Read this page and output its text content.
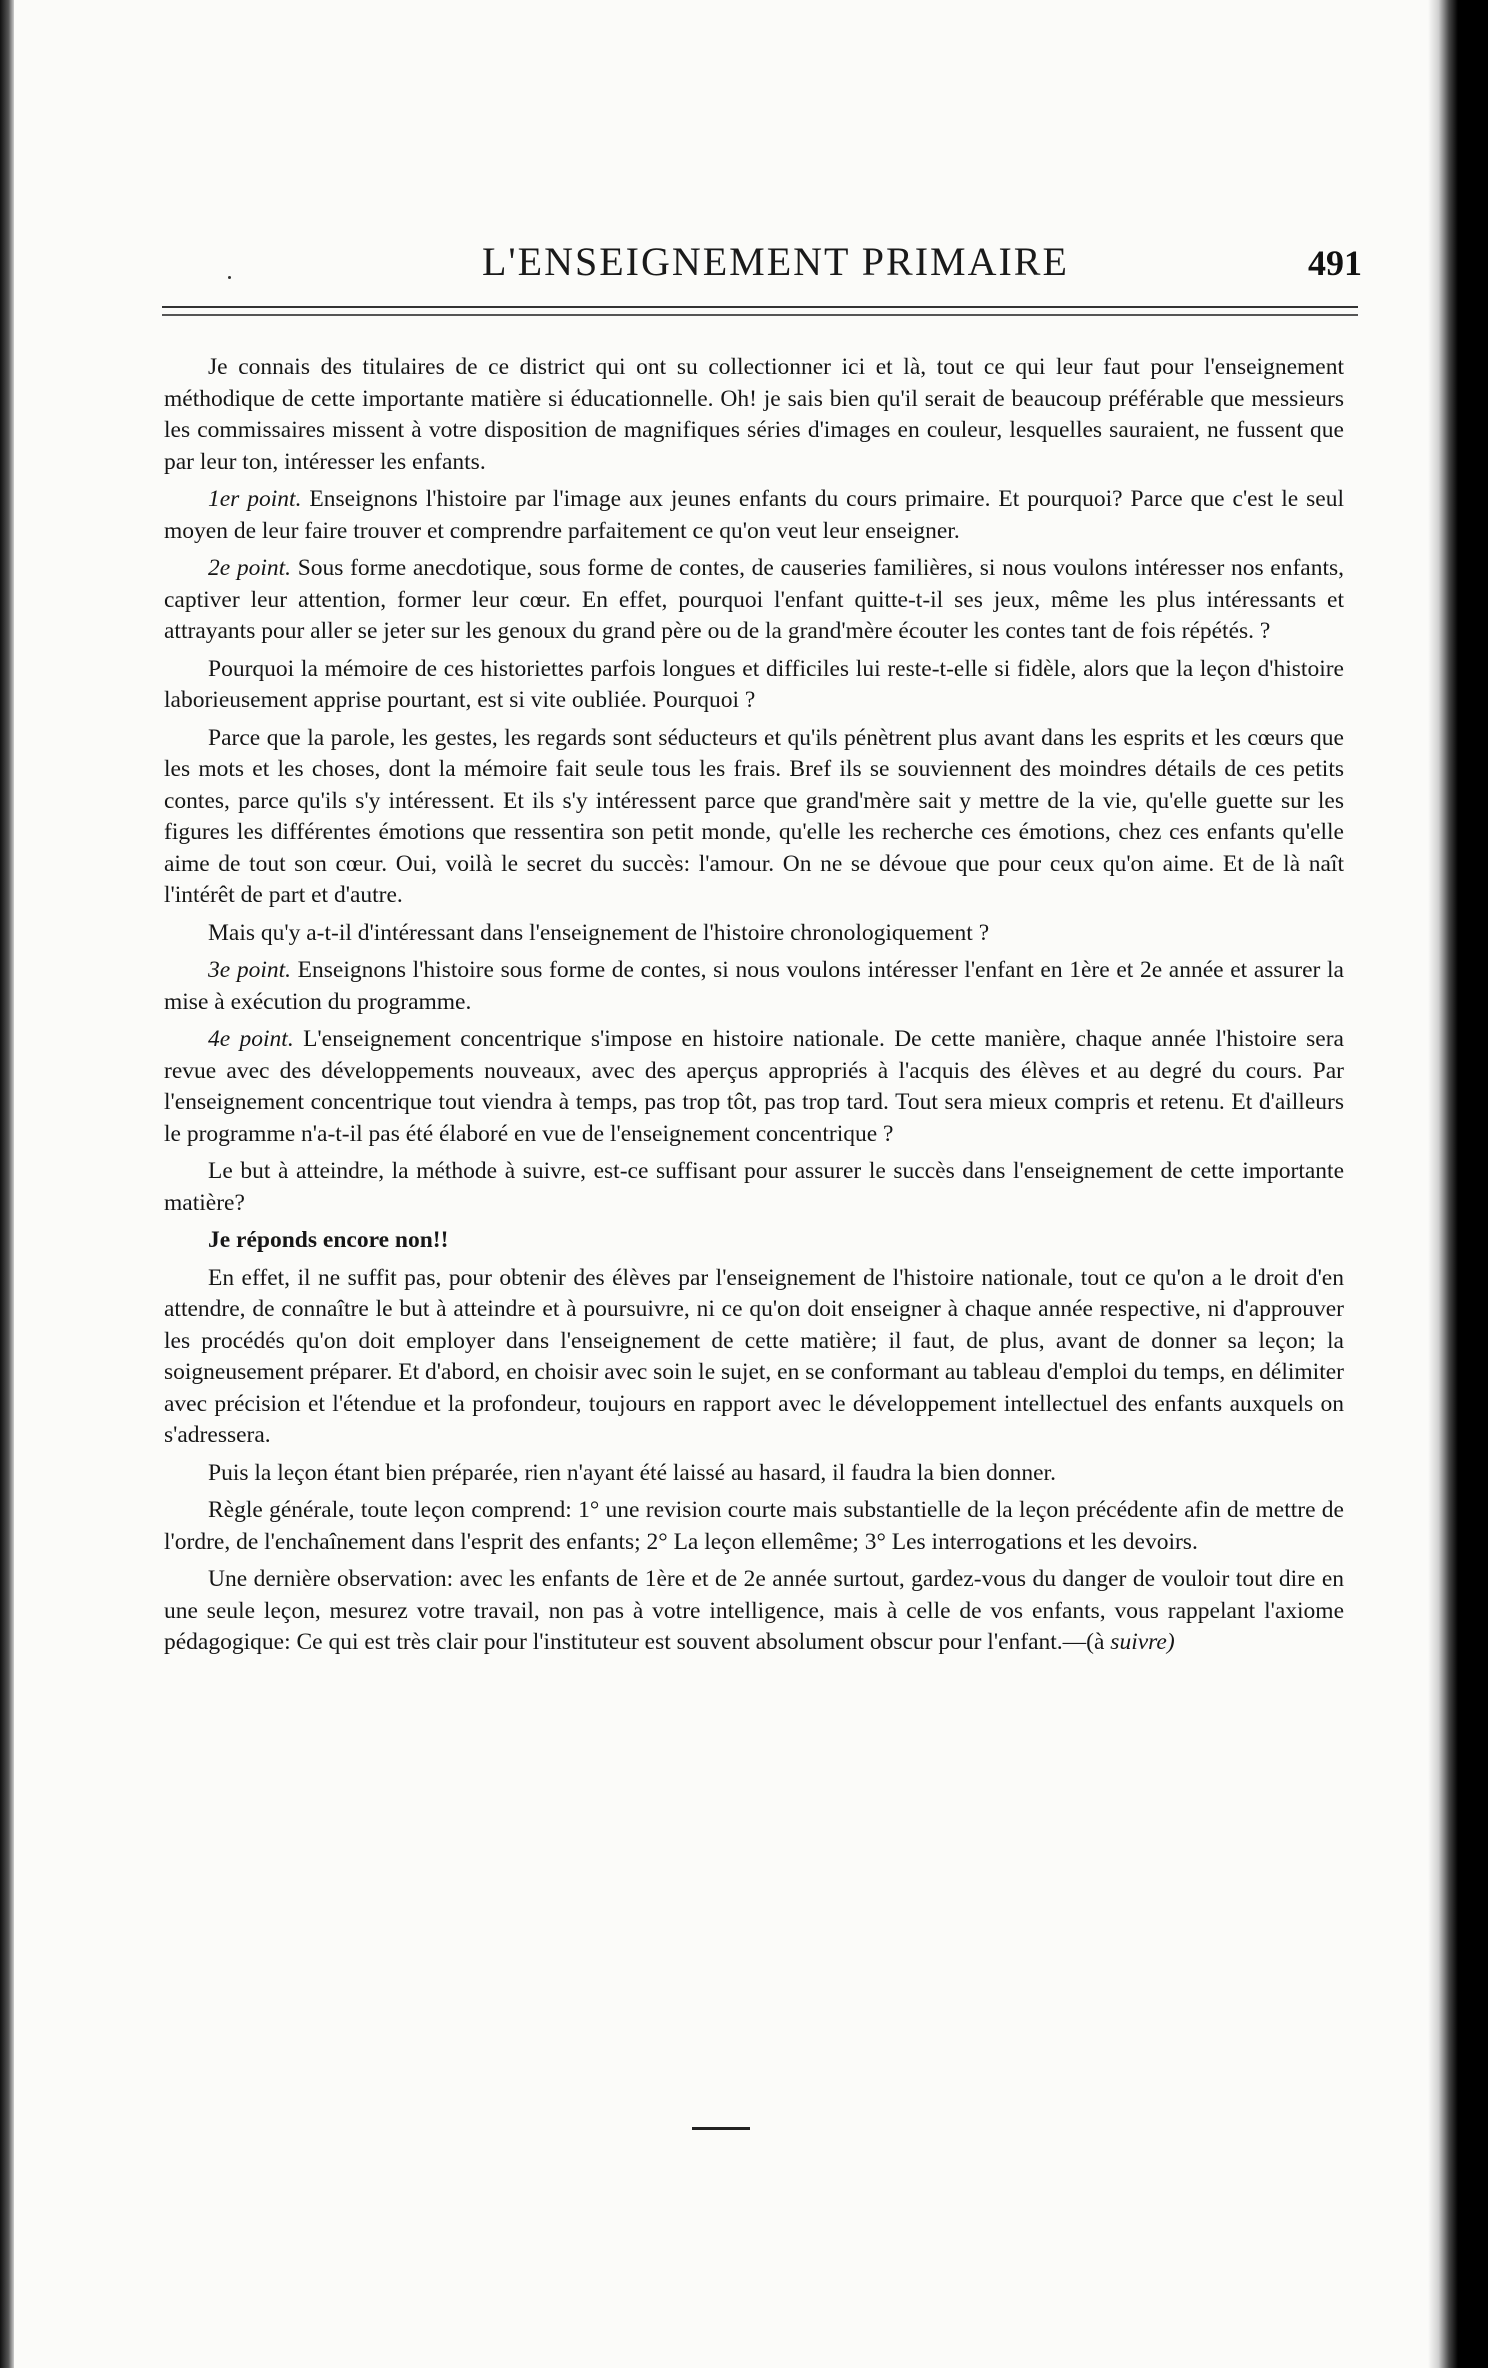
L'ENSEIGNEMENT PRIMAIRE	491

Je connais des titulaires de ce district qui ont su collectionner ici et là, tout ce qui leur faut pour l'enseignement méthodique de cette importante matière si éducationnelle. Oh! je sais bien qu'il serait de beaucoup préférable que messieurs les commissaires missent à votre disposition de magnifiques séries d'images en couleur, lesquelles sauraient, ne fussent que par leur ton, intéresser les enfants.

1er point. Enseignons l'histoire par l'image aux jeunes enfants du cours primaire. Et pourquoi? Parce que c'est le seul moyen de leur faire trouver et comprendre parfaitement ce qu'on veut leur enseigner.

2e point. Sous forme anecdotique, sous forme de contes, de causeries familières, si nous voulons intéresser nos enfants, captiver leur attention, former leur cœur. En effet, pourquoi l'enfant quitte-t-il ses jeux, même les plus intéressants et attrayants pour aller se jeter sur les genoux du grand père ou de la grand'mère écouter les contes tant de fois répétés. ?

Pourquoi la mémoire de ces historiettes parfois longues et difficiles lui reste-t-elle si fidèle, alors que la leçon d'histoire laborieusement apprise pourtant, est si vite oubliée. Pourquoi ?

Parce que la parole, les gestes, les regards sont séducteurs et qu'ils pénètrent plus avant dans les esprits et les cœurs que les mots et les choses, dont la mémoire fait seule tous les frais. Bref ils se souviennent des moindres détails de ces petits contes, parce qu'ils s'y intéressent. Et ils s'y intéressent parce que grand'mère sait y mettre de la vie, qu'elle guette sur les figures les différentes émotions que ressentira son petit monde, qu'elle les recherche ces émotions, chez ces enfants qu'elle aime de tout son cœur. Oui, voilà le secret du succès: l'amour. On ne se dévoue que pour ceux qu'on aime. Et de là naît l'intérêt de part et d'autre.

Mais qu'y a-t-il d'intéressant dans l'enseignement de l'histoire chronologiquement ?

3e point. Enseignons l'histoire sous forme de contes, si nous voulons intéresser l'enfant en 1ère et 2e année et assurer la mise à exécution du programme.

4e point. L'enseignement concentrique s'impose en histoire nationale. De cette manière, chaque année l'histoire sera revue avec des développements nouveaux, avec des aperçus appropriés à l'acquis des élèves et au degré du cours. Par l'enseignement concentrique tout viendra à temps, pas trop tôt, pas trop tard. Tout sera mieux compris et retenu. Et d'ailleurs le programme n'a-t-il pas été élaboré en vue de l'enseignement concentrique ?

Le but à atteindre, la méthode à suivre, est-ce suffisant pour assurer le succès dans l'enseignement de cette importante matière?

Je réponds encore non!!

En effet, il ne suffit pas, pour obtenir des élèves par l'enseignement de l'histoire nationale, tout ce qu'on a le droit d'en attendre, de connaître le but à atteindre et à poursuivre, ni ce qu'on doit enseigner à chaque année respective, ni d'approuver les procédés qu'on doit employer dans l'enseignement de cette matière; il faut, de plus, avant de donner sa leçon; la soigneusement préparer. Et d'abord, en choisir avec soin le sujet, en se conformant au tableau d'emploi du temps, en délimiter avec précision et l'étendue et la profondeur, toujours en rapport avec le développement intellectuel des enfants auxquels on s'adressera.

Puis la leçon étant bien préparée, rien n'ayant été laissé au hasard, il faudra la bien donner.

Règle générale, toute leçon comprend: 1° une revision courte mais substantielle de la leçon précédente afin de mettre de l'ordre, de l'enchaînement dans l'esprit des enfants; 2° La leçon ellemême; 3° Les interrogations et les devoirs.

Une dernière observation: avec les enfants de 1ère et de 2e année surtout, gardez-vous du danger de vouloir tout dire en une seule leçon, mesurez votre travail, non pas à votre intelligence, mais à celle de vos enfants, vous rappelant l'axiome pédagogique: Ce qui est très clair pour l'instituteur est souvent absolument obscur pour l'enfant.—(à suivre)
